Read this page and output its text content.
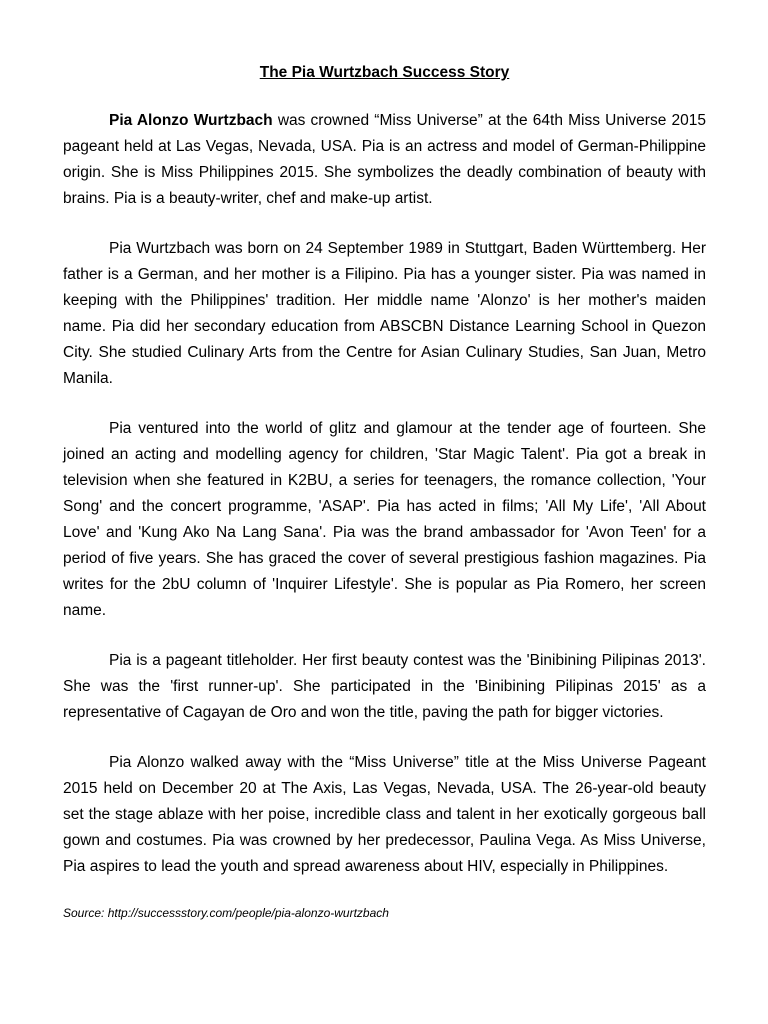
The Pia Wurtzbach Success Story

Pia Alonzo Wurtzbach was crowned “Miss Universe” at the 64th Miss Universe 2015 pageant held at Las Vegas, Nevada, USA. Pia is an actress and model of German-Philippine origin. She is Miss Philippines 2015. She symbolizes the deadly combination of beauty with brains. Pia is a beauty-writer, chef and make-up artist.

Pia Wurtzbach was born on 24 September 1989 in Stuttgart, Baden Württemberg. Her father is a German, and her mother is a Filipino. Pia has a younger sister. Pia was named in keeping with the Philippines' tradition. Her middle name 'Alonzo' is her mother's maiden name. Pia did her secondary education from ABSCBN Distance Learning School in Quezon City. She studied Culinary Arts from the Centre for Asian Culinary Studies, San Juan, Metro Manila.

Pia ventured into the world of glitz and glamour at the tender age of fourteen. She joined an acting and modelling agency for children, 'Star Magic Talent'. Pia got a break in television when she featured in K2BU, a series for teenagers, the romance collection, 'Your Song' and the concert programme, 'ASAP'. Pia has acted in films; 'All My Life', 'All About Love' and 'Kung Ako Na Lang Sana'. Pia was the brand ambassador for 'Avon Teen' for a period of five years. She has graced the cover of several prestigious fashion magazines. Pia writes for the 2bU column of 'Inquirer Lifestyle'. She is popular as Pia Romero, her screen name.

Pia is a pageant titleholder. Her first beauty contest was the 'Binibining Pilipinas 2013'. She was the 'first runner-up'. She participated in the 'Binibining Pilipinas 2015' as a representative of Cagayan de Oro and won the title, paving the path for bigger victories.

Pia Alonzo walked away with the “Miss Universe” title at the Miss Universe Pageant 2015 held on December 20 at The Axis, Las Vegas, Nevada, USA. The 26-year-old beauty set the stage ablaze with her poise, incredible class and talent in her exotically gorgeous ball gown and costumes. Pia was crowned by her predecessor, Paulina Vega. As Miss Universe, Pia aspires to lead the youth and spread awareness about HIV, especially in Philippines.

Source: http://successstory.com/people/pia-alonzo-wurtzbach
